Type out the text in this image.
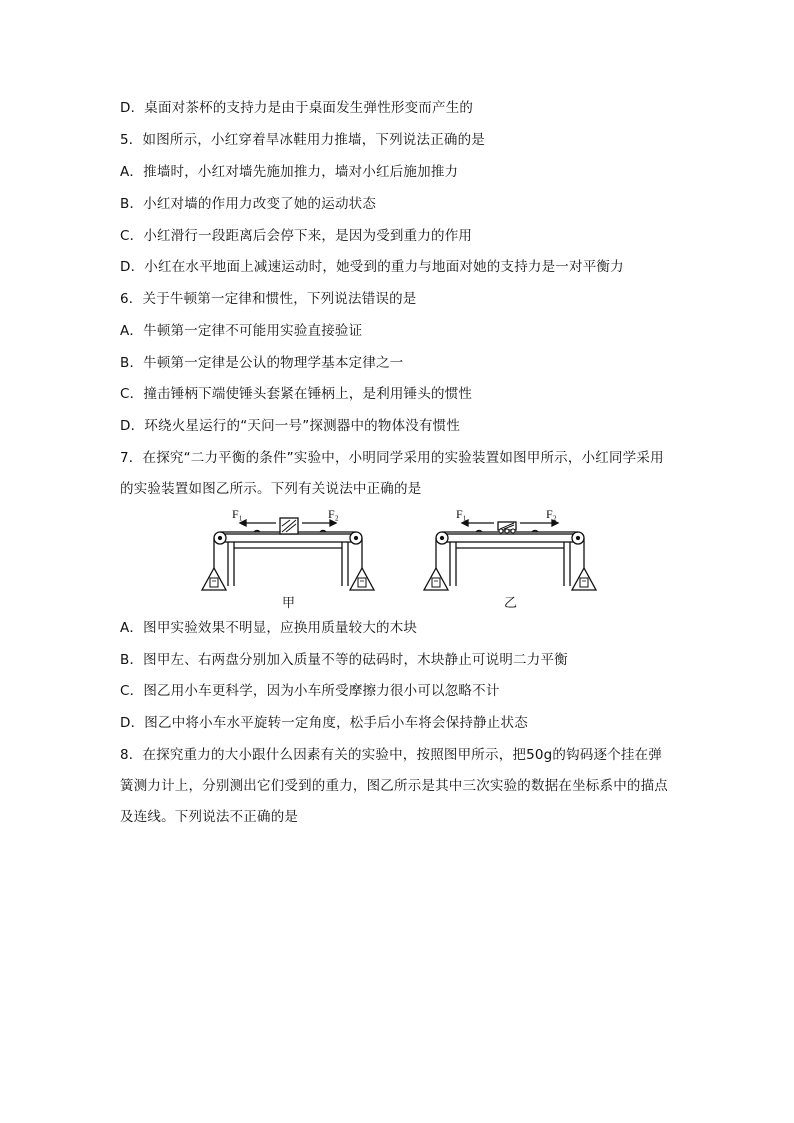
D．桌面对茶杯的支持力是由于桌面发生弹性形变而产生的
5．如图所示，小红穿着旱冰鞋用力推墙，下列说法正确的是
A．推墙时，小红对墙先施加推力，墙对小红后施加推力
B．小红对墙的作用力改变了她的运动状态
C．小红滑行一段距离后会停下来，是因为受到重力的作用
D．小红在水平地面上减速运动时，她受到的重力与地面对她的支持力是一对平衡力
6．关于牛顿第一定律和惯性，下列说法错误的是
A．牛顿第一定律不可能用实验直接验证
B．牛顿第一定律是公认的物理学基本定律之一
C．撞击锤柄下端使锤头套紧在锤柄上，是利用锤头的惯性
D．环绕火星运行的“天问一号”探测器中的物体没有惯性
7．在探究“二力平衡的条件”实验中，小明同学采用的实验装置如图甲所示，小红同学采用
的实验装置如图乙所示。下列有关说法中正确的是
F₁	F₂
甲
F₁	F₂
乙
A．图甲实验效果不明显，应换用质量较大的木块
B．图甲左、右两盘分别加入质量不等的砝码时，木块静止可说明二力平衡
C．图乙用小车更科学，因为小车所受摩擦力很小可以忽略不计
D．图乙中将小车水平旋转一定角度，松手后小车将会保持静止状态
8．在探究重力的大小跟什么因素有关的实验中，按照图甲所示，把50g的钩码逐个挂在弹
簧测力计上，分别测出它们受到的重力，图乙所示是其中三次实验的数据在坐标系中的描点
及连线。下列说法不正确的是
